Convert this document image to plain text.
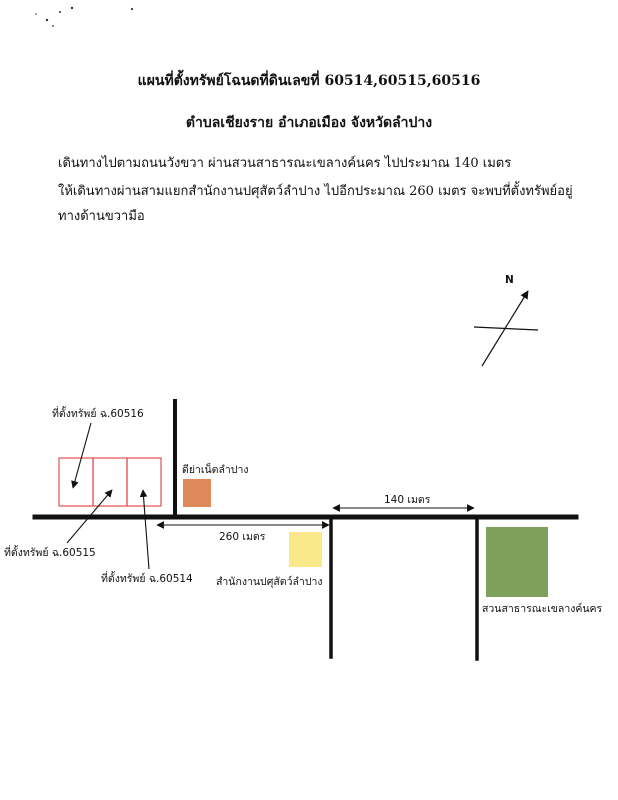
แผนที่ตั้งทรัพย์โฉนดที่ดินเลขที่ 60514,60515,60516
ตำบลเชียงราย อำเภอเมือง จังหวัดลำปาง
เดินทางไปตามถนนวังขวา ผ่านสวนสาธารณะเขลางค์นคร ไปประมาณ 140 เมตร
ให้เดินทางผ่านสามแยกสำนักงานปศุสัตว์ลำปาง ไปอีกประมาณ 260 เมตร จะพบที่ตั้งทรัพย์อยู่
ทางด้านขวามือ
N
ที่ตั้งทรัพย์ ฉ.60516
ที่ตั้งทรัพย์ ฉ.60515
ที่ตั้งทรัพย์ ฉ.60514
ดีย่าเน็ตลำปาง
สำนักงานปศุสัตว์ลำปาง
สวนสาธารณะเขลางค์นคร
140 เมตร
260 เมตร
